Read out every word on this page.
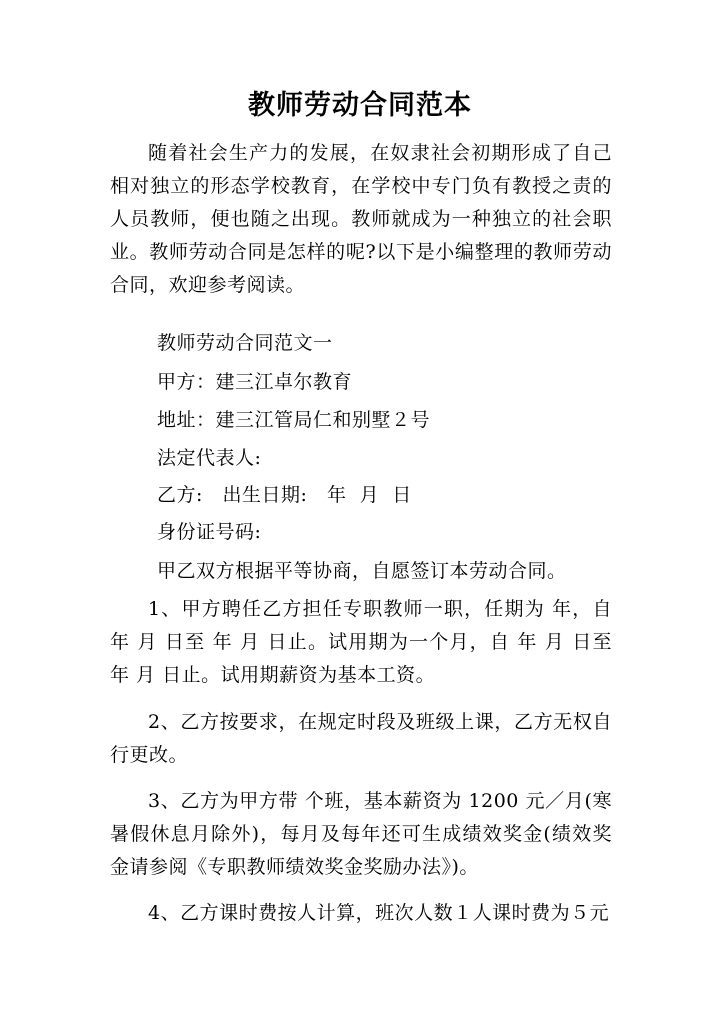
教师劳动合同范本

随着社会生产力的发展，在奴隶社会初期形成了自己相对独立的形态学校教育，在学校中专门负有教授之责的人员教师，便也随之出现。教师就成为一种独立的社会职业。教师劳动合同是怎样的呢?以下是小编整理的教师劳动合同，欢迎参考阅读。

教师劳动合同范文一

甲方：建三江卓尔教育

地址：建三江管局仁和别墅２号

法定代表人:

乙方:   出生日期:   年  月  日

身份证号码:

甲乙双方根据平等协商，自愿签订本劳动合同。

1、甲方聘任乙方担任专职教师一职，任期为 年，自 年 月 日至 年 月 日止。试用期为一个月，自 年 月 日至 年 月 日止。试用期薪资为基本工资。

2、乙方按要求，在规定时段及班级上课，乙方无权自行更改。

3、乙方为甲方带 个班，基本薪资为 1200 元／月(寒暑假休息月除外)，每月及每年还可生成绩效奖金(绩效奖金请参阅《专职教师绩效奖金奖励办法》)。

4、乙方课时费按人计算，班次人数１人课时费为５元
